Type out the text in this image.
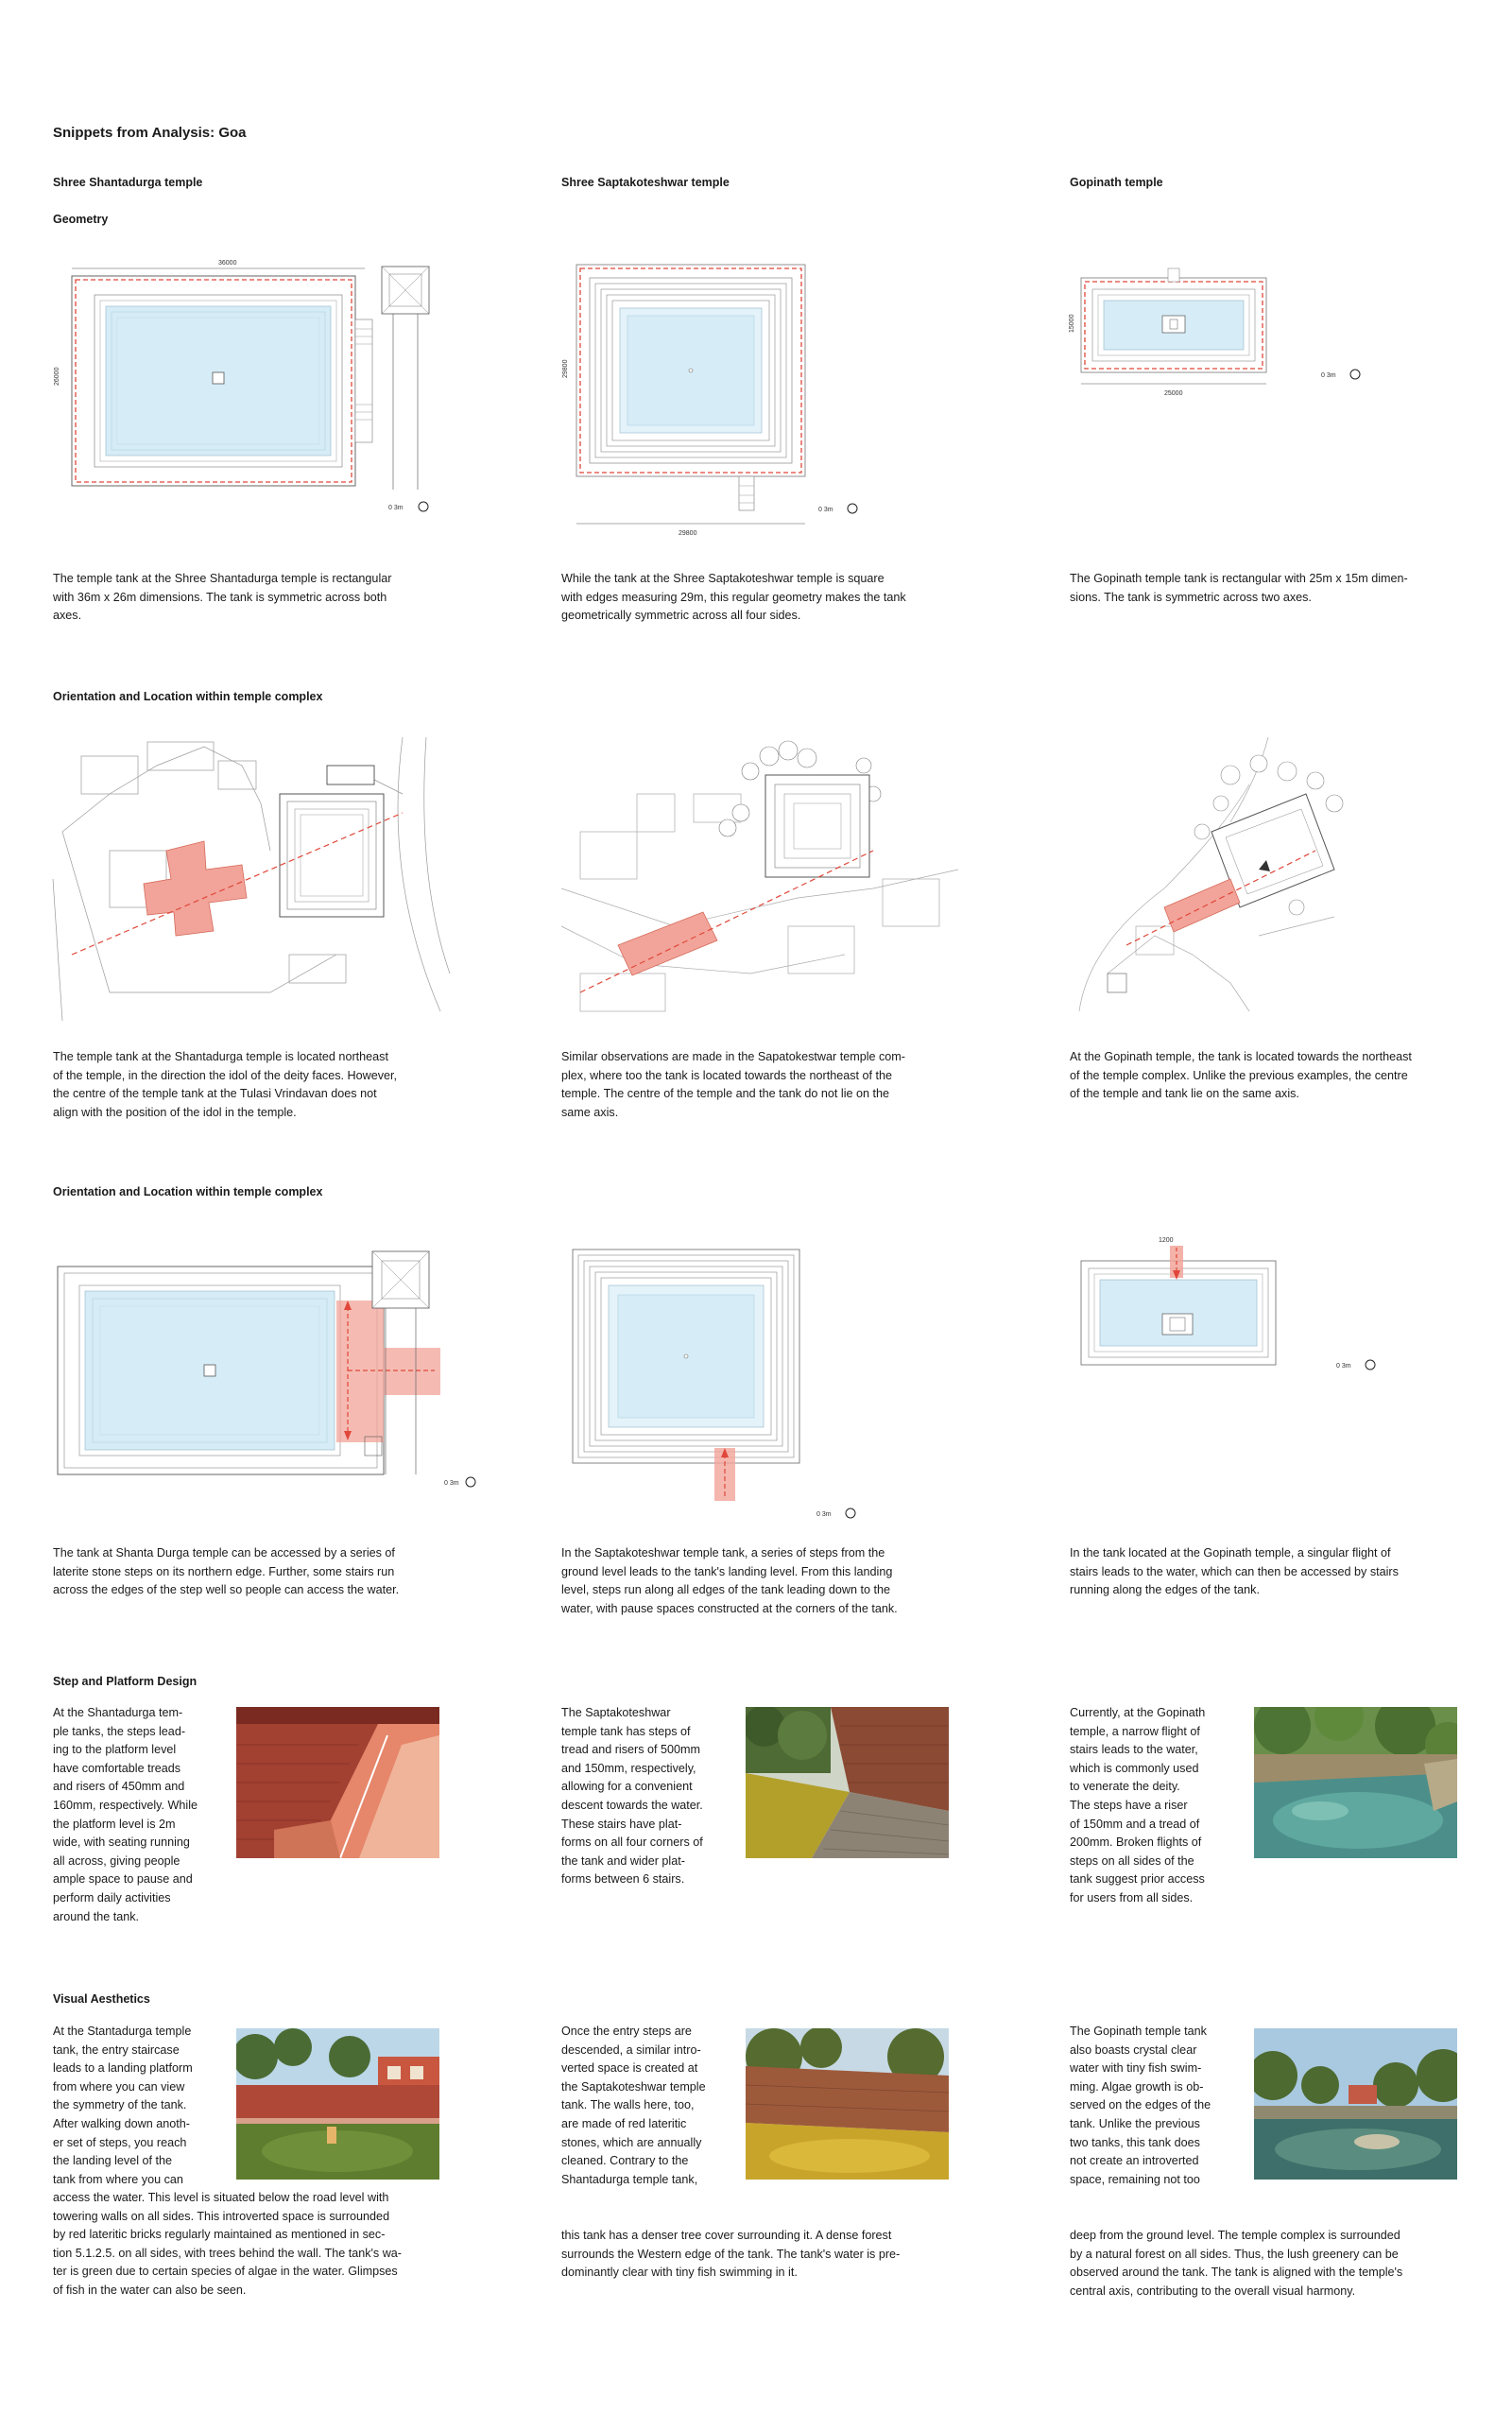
Snippets from Analysis: Goa
Shree Shantadurga temple	Shree Saptakoteshwar temple	Gopinath temple
Geometry
36000
26000
0 3m
29800
29800
0 3m
15000
25000
0 3m
The temple tank at the Shree Shantadurga temple is rectangular
with 36m x 26m dimensions. The tank is symmetric across both
axes.
While the tank at the Shree Saptakoteshwar temple is square
with edges measuring 29m, this regular geometry makes the tank
geometrically symmetric across all four sides.
The Gopinath temple tank is rectangular with 25m x 15m dimen-
sions. The tank is symmetric across two axes.
Orientation and Location within temple complex
The temple tank at the Shantadurga temple is located northeast
of the temple, in the direction the idol of the deity faces. However,
the centre of the temple tank at the Tulasi Vrindavan does not
align with the position of the idol in the temple.
Similar observations are made in the Sapatokestwar temple com-
plex, where too the tank is located towards the northeast of the
temple. The centre of the temple and the tank do not lie on the
same axis.
At the Gopinath temple, the tank is located towards the northeast
of the temple complex. Unlike the previous examples, the centre
of the temple and tank lie on the same axis.
Orientation and Location within temple complex
0 3m
0 3m
1200
0 3m
The tank at Shanta Durga temple can be accessed by a series of
laterite stone steps on its northern edge. Further, some stairs run
across the edges of the step well so people can access the water.
In the Saptakoteshwar temple tank, a series of steps from the
ground level leads to the tank's landing level. From this landing
level, steps run along all edges of the tank leading down to the
water, with pause spaces constructed at the corners of the tank.
In the tank located at the Gopinath temple, a singular flight of
stairs leads to the water, which can then be accessed by stairs
running along the edges of the tank.
Step and Platform Design
At the Shantadurga tem-
ple tanks, the steps lead-
ing to the platform level
have comfortable treads
and risers of 450mm and
160mm, respectively. While
the platform level is 2m
wide, with seating running
all across, giving people
ample space to pause and
perform daily activities
around the tank.
The Saptakoteshwar
temple tank has steps of
tread and risers of 500mm
and 150mm, respectively,
allowing for a convenient
descent towards the water.
These stairs have plat-
forms on all four corners of
the tank and wider plat-
forms between 6 stairs.
Currently, at the Gopinath
temple, a narrow flight of
stairs leads to the water,
which is commonly used
to venerate the deity.
The steps have a riser
of 150mm and a tread of
200mm. Broken flights of
steps on all sides of the
tank suggest prior access
for users from all sides.
Visual Aesthetics
At the Stantadurga temple
tank, the entry staircase
leads to a landing platform
from where you can view
the symmetry of the tank.
After walking down anoth-
er set of steps, you reach
the landing level of the
tank from where you can
access the water. This level is situated below the road level with
towering walls on all sides. This introverted space is surrounded
by red lateritic bricks regularly maintained as mentioned in sec-
tion 5.1.2.5. on all sides, with trees behind the wall. The tank's wa-
ter is green due to certain species of algae in the water. Glimpses
of fish in the water can also be seen.
Once the entry steps are
descended, a similar intro-
verted space is created at
the Saptakoteshwar temple
tank. The walls here, too,
are made of red lateritic
stones, which are annually
cleaned. Contrary to the
Shantadurga temple tank,
this tank has a denser tree cover surrounding it. A dense forest
surrounds the Western edge of the tank. The tank's water is pre-
dominantly clear with tiny fish swimming in it.
The Gopinath temple tank
also boasts crystal clear
water with tiny fish swim-
ming. Algae growth is ob-
served on the edges of the
tank. Unlike the previous
two tanks, this tank does
not create an introverted
space, remaining not too
deep from the ground level. The temple complex is surrounded
by a natural forest on all sides. Thus, the lush greenery can be
observed around the tank. The tank is aligned with the temple's
central axis, contributing to the overall visual harmony.
